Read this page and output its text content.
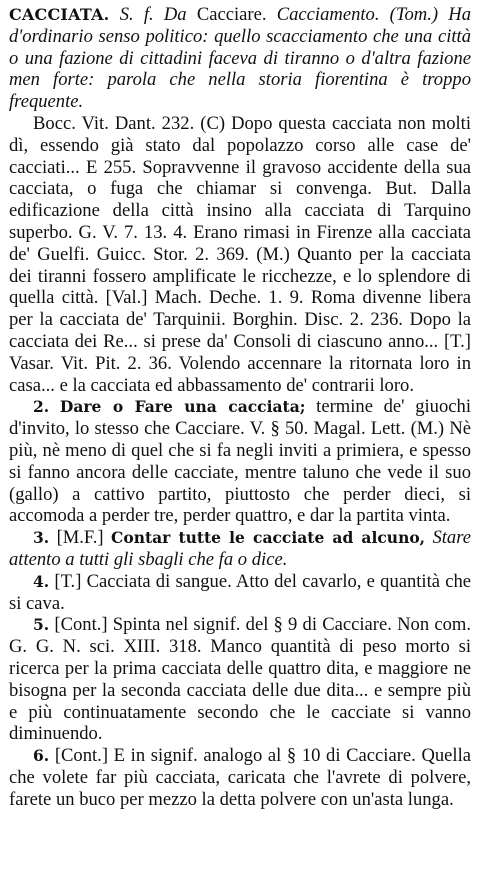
CACCIATA. S. f. Da Cacciare. Cacciamento. (Tom.) Ha d'ordinario senso politico: quello scacciamento che una città o una fazione di cittadini faceva di tiranno o d'altra fazione men forte: parola che nella storia fiorentina è troppo frequente.
Bocc. Vit. Dant. 232. (C) Dopo questa cacciata non molti dì, essendo già stato dal popolazzo corso alle case de' cacciati... E 255. Sopravvenne il gravoso accidente della sua cacciata, o fuga che chiamar si convenga. But. Dalla edificazione della città insino alla cacciata di Tarquino superbo. G. V. 7. 13. 4. Erano rimasi in Firenze alla cacciata de' Guelfi. Guicc. Stor. 2. 369. (M.) Quanto per la cacciata dei tiranni fossero amplificate le ricchezze, e lo splendore di quella città. [Val.] Mach. Deche. 1. 9. Roma divenne libera per la cacciata de' Tarquinii. Borghin. Disc. 2. 236. Dopo la cacciata dei Re... si prese da' Consoli di ciascuno anno... [T.] Vasar. Vit. Pit. 2. 36. Volendo accennare la ritornata loro in casa... e la cacciata ed abbassamento de' contrarii loro.

2. Dare o Fare una cacciata; termine de' giuochi d'invito, lo stesso che Cacciare. V. § 50. Magal. Lett. (M.) Nè più, nè meno di quel che si fa negli inviti a primiera, e spesso si fanno ancora delle cacciate, mentre taluno che vede il suo (gallo) a cattivo partito, piuttosto che perder dieci, si accomoda a perder tre, perder quattro, e dar la partita vinta.

3. [M.F.] Contar tutte le cacciate ad alcuno, Stare attento a tutti gli sbagli che fa o dice.

4. [T.] Cacciata di sangue. Atto del cavarlo, e quantità che si cava.

5. [Cont.] Spinta nel signif. del § 9 di Cacciare. Non com. G. G. N. sci. XIII. 318. Manco quantità di peso morto si ricerca per la prima cacciata delle quattro dita, e maggiore ne bisogna per la seconda cacciata delle due dita... e sempre più e più continuatamente secondo che le cacciate si vanno diminuendo.

6. [Cont.] E in signif. analogo al § 10 di Cacciare. Quella che volete far più cacciata, caricata che l'avrete di polvere, farete un buco per mezzo la detta polvere con un'asta lunga.
